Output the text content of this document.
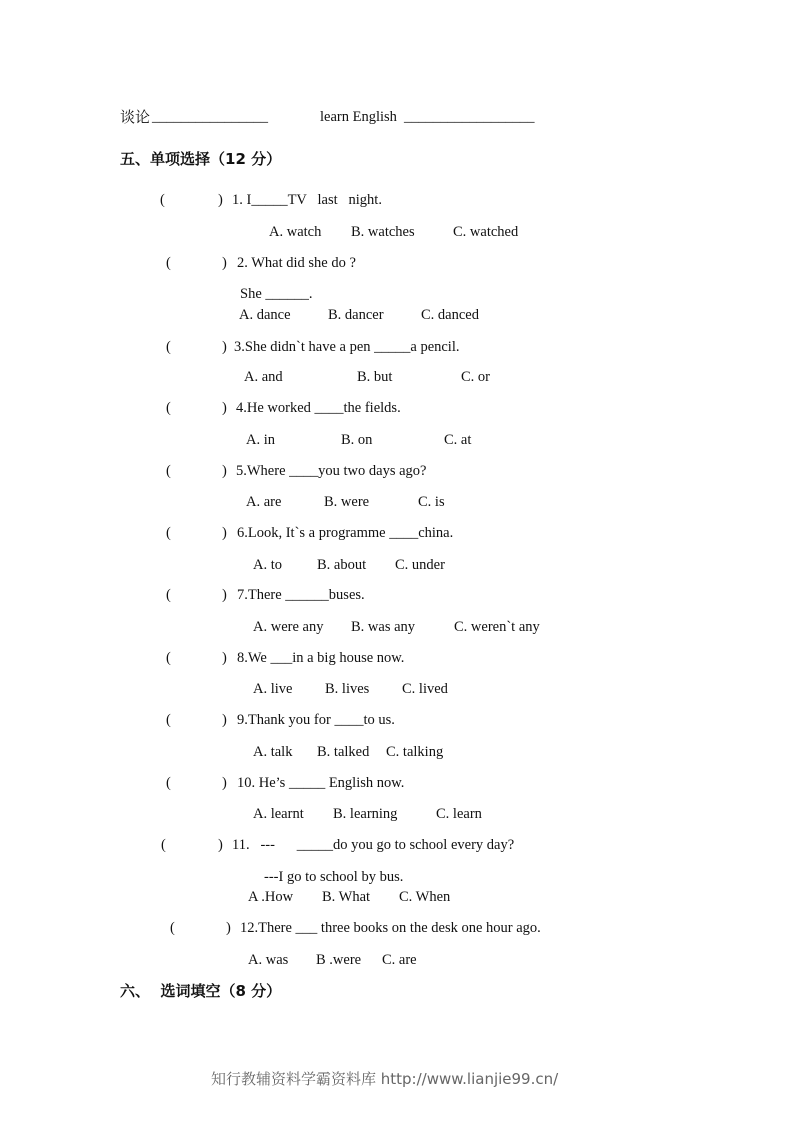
谈论 ________________	learn English __________________
五、单项选择（12 分）
(	) 1. I_____TV   last   night.
A. watch B. watches	C. watched
(	) 2. What did she do ?
She ______.
A. dance	B. dancer	C. danced
(	) 3.She didn`t have a pen _____a pencil.
A. and	B. but	C. or
(	) 4.He worked ____the fields.
A. in	B. on	C. at
(	) 5.Where ____you two days ago?
A. are	B. were	C. is
(	) 6.Look, It`s a programme ____china.
A. to B. about C. under
(	) 7.There ______buses.
A. were any B. was any	C. weren`t any
(	) 8.We ___in a big house now.
A. live B. lives C. lived
(	) 9.Thank you for ____to us.
A. talk B. talked C. talking
(	) 10. He’s _____ English now.
A. learnt B. learning	C. learn
(	) 11.   ---      _____do you go to school every day?
---I go to school by bus.
A .How B. What C. When
(	) 12.There ___ three books on the desk one hour ago.
A. was B .were C. are
六、  选词填空（8 分）
知行教辅资料学霸资料库 http://www.lianjie99.cn/
